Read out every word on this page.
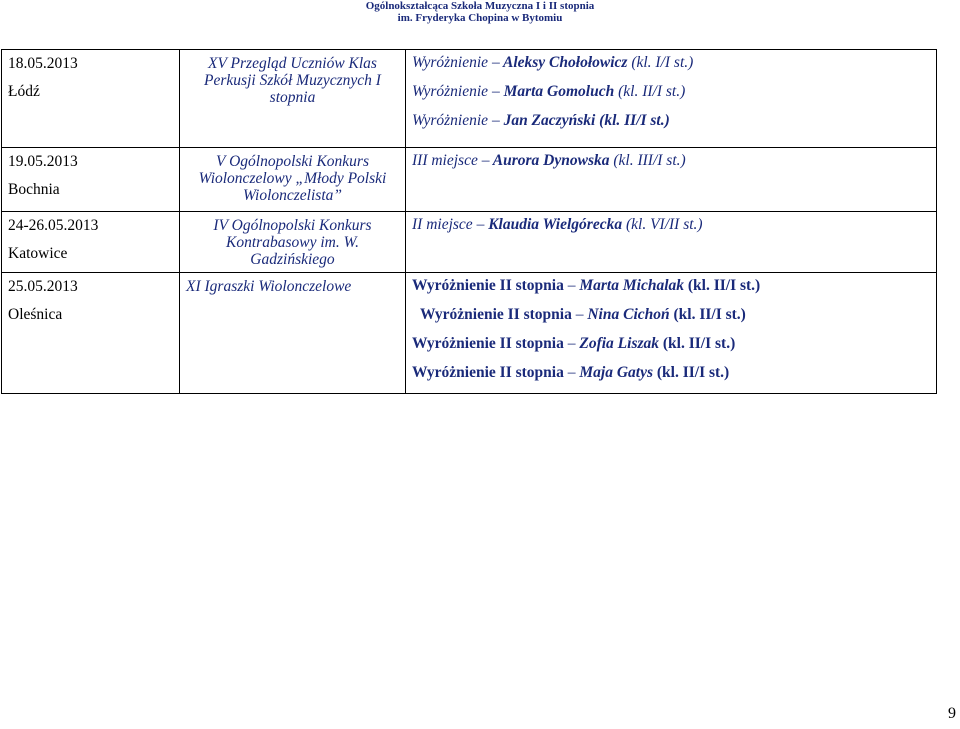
Ogólnokształcąca Szkoła Muzyczna I i II stopnia
im. Fryderyka Chopina w Bytomiu
18.05.2013
Łódź	XV Przegląd Uczniów Klas Perkusji Szkół Muzycznych I stopnia	Wyróżnienie – Aleksy Chołołowicz (kl. I/I st.)
Wyróżnienie – Marta Gomoluch (kl. II/I st.)
Wyróżnienie – Jan Zaczyński (kl. II/I st.)

19.05.2013
Bochnia	V Ogólnopolski Konkurs Wiolonczelowy „Młody Polski Wiolonczelista”	III miejsce – Aurora Dynowska (kl. III/I st.)

24-26.05.2013
Katowice	IV Ogólnopolski Konkurs Kontrabasowy im. W. Gadzińskiego	II miejsce – Klaudia Wielgórecka (kl. VI/II st.)

25.05.2013
Oleśnica	XI Igraszki Wiolonczelowe	Wyróżnienie II stopnia – Marta Michalak (kl. II/I st.)
Wyróżnienie II stopnia – Nina Cichoń (kl. II/I st.)
Wyróżnienie II stopnia – Zofia Liszak (kl. II/I st.)
Wyróżnienie II stopnia – Maja Gatys (kl. II/I st.)
9
